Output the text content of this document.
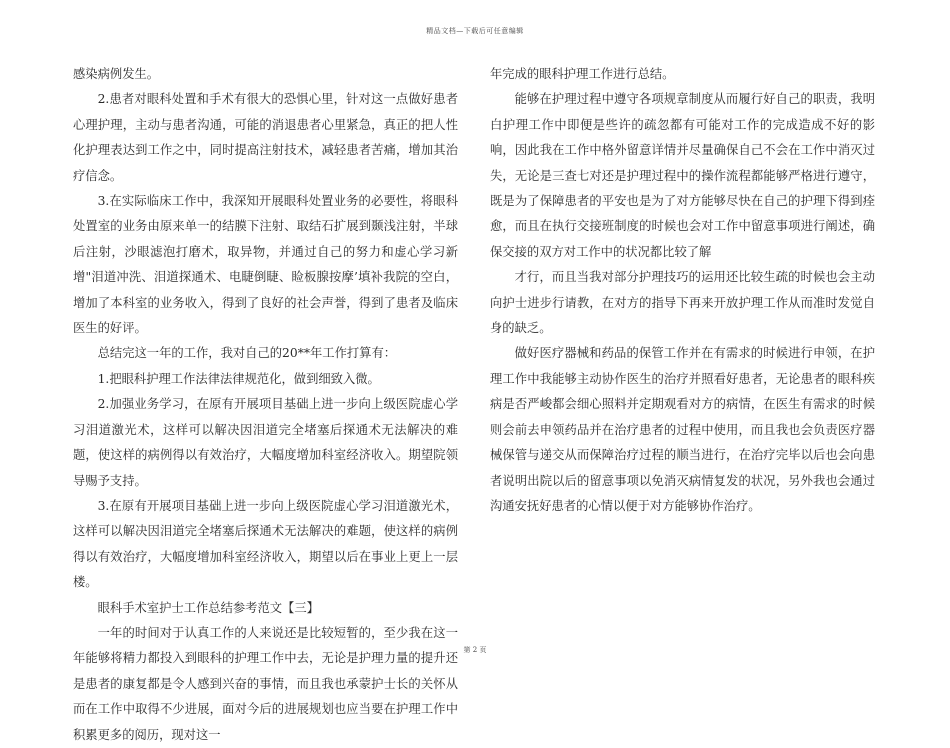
精品文档—下载后可任意编辑

感染病例发生。

2.患者对眼科处置和手术有很大的恐惧心里，针对这一点做好患者心理护理，主动与患者沟通，可能的消退患者心里紧急，真正的把人性化护理表达到工作之中，同时提高注射技术，减轻患者苦痛，增加其治疗信念。

3.在实际临床工作中，我深知开展眼科处置业务的必要性，将眼科处置室的业务由原来单一的结膜下注射、取结石扩展到颞浅注射，半球后注射，沙眼滤泡打磨术，取异物，并通过自己的努力和虚心学习新增"泪道冲洗、泪道探通术、电睫倒睫、睑板腺按摩’填补我院的空白，增加了本科室的业务收入，得到了良好的社会声誉，得到了患者及临床医生的好评。

总结完这一年的工作，我对自己的20**年工作打算有：

1.把眼科护理工作法律法律规范化，做到细致入微。

2.加强业务学习，在原有开展项目基础上进一步向上级医院虚心学习泪道激光术，这样可以解决因泪道完全堵塞后探通术无法解决的难题，使这样的病例得以有效治疗，大幅度增加科室经济收入。期望院领导赐予支持。

3.在原有开展项目基础上进一步向上级医院虚心学习泪道激光术，这样可以解决因泪道完全堵塞后探通术无法解决的难题，使这样的病例得以有效治疗，大幅度增加科室经济收入，期望以后在事业上更上一层楼。

眼科手术室护士工作总结参考范文【三】

一年的时间对于认真工作的人来说还是比较短暂的，至少我在这一年能够将精力都投入到眼科的护理工作中去，无论是护理力量的提升还是患者的康复都是令人感到兴奋的事情，而且我也承蒙护士长的关怀从而在工作中取得不少进展，面对今后的进展规划也应当要在护理工作中积累更多的阅历，现对这一

年完成的眼科护理工作进行总结。

能够在护理过程中遵守各项规章制度从而履行好自己的职责，我明白护理工作中即便是些许的疏忽都有可能对工作的完成造成不好的影响，因此我在工作中格外留意详情并尽量确保自己不会在工作中消灭过失，无论是三查七对还是护理过程中的操作流程都能够严格进行遵守，既是为了保障患者的平安也是为了对方能够尽快在自己的护理下得到痊愈，而且在执行交接班制度的时候也会对工作中留意事项进行阐述，确保交接的双方对工作中的状况都比较了解

才行，而且当我对部分护理技巧的运用还比较生疏的时候也会主动向护士进步行请教，在对方的指导下再来开放护理工作从而准时发觉自身的缺乏。

做好医疗器械和药品的保管工作并在有需求的时候进行申领，在护理工作中我能够主动协作医生的治疗并照看好患者，无论患者的眼科疾病是否严峻都会细心照料并定期观看对方的病情，在医生有需求的时候则会前去申领药品并在治疗患者的过程中使用，而且我也会负责医疗器械保管与递交从而保障治疗过程的顺当进行，在治疗完毕以后也会向患者说明出院以后的留意事项以免消灭病情复发的状况，另外我也会通过沟通安抚好患者的心情以便于对方能够协作治疗。

第 2 页
